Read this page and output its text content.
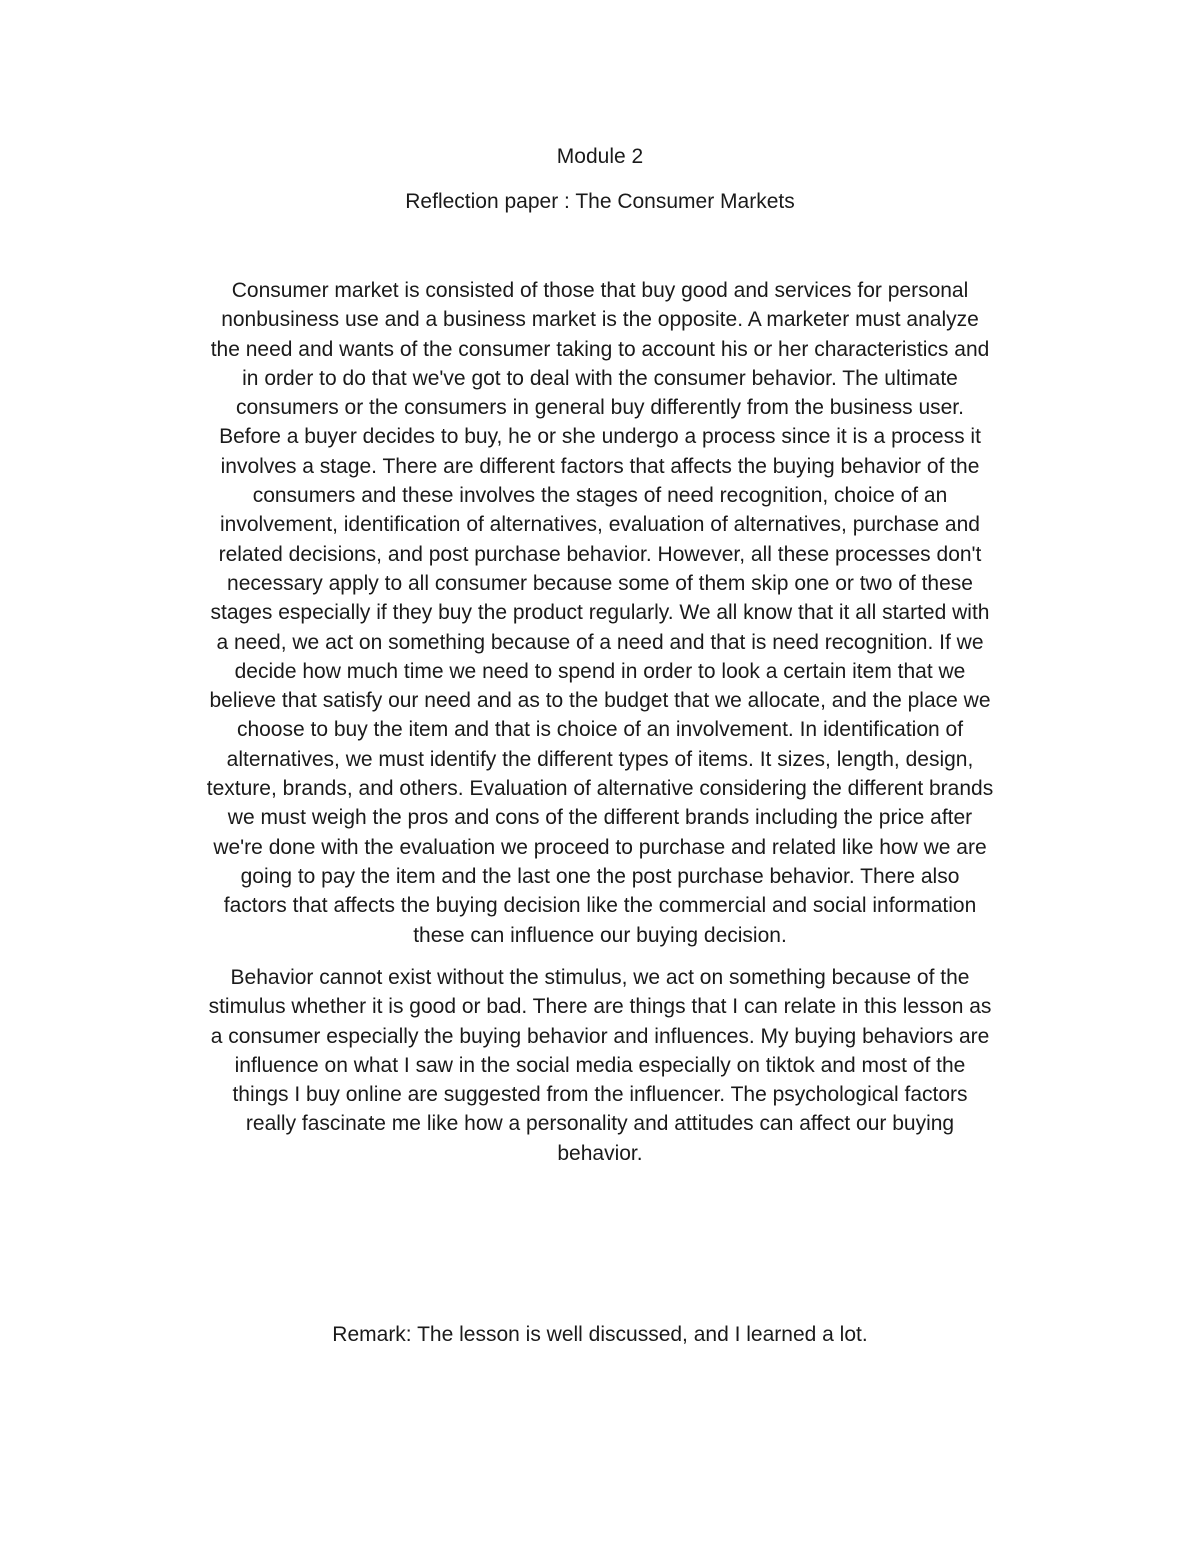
Module 2

Reflection paper : The Consumer Markets

Consumer market is consisted of those that buy good and services for personal
nonbusiness use and a business market is the opposite. A marketer must analyze
the need and wants of the consumer taking to account his or her characteristics and
in order to do that we've got to deal with the consumer behavior. The ultimate
consumers or the consumers in general buy differently from the business user.
Before a buyer decides to buy, he or she undergo a process since it is a process it
involves a stage. There are different factors that affects the buying behavior of the
consumers and these involves the stages of need recognition, choice of an
involvement, identification of alternatives, evaluation of alternatives, purchase and
related decisions, and post purchase behavior. However, all these processes don't
necessary apply to all consumer because some of them skip one or two of these
stages especially if they buy the product regularly. We all know that it all started with
a need, we act on something because of a need and that is need recognition. If we
decide how much time we need to spend in order to look a certain item that we
believe that satisfy our need and as to the budget that we allocate, and the place we
choose to buy the item and that is choice of an involvement. In identification of
alternatives, we must identify the different types of items. It sizes, length, design,
texture, brands, and others. Evaluation of alternative considering the different brands
we must weigh the pros and cons of the different brands including the price after
we're done with the evaluation we proceed to purchase and related like how we are
going to pay the item and the last one the post purchase behavior. There also
factors that affects the buying decision like the commercial and social information
these can influence our buying decision.
Behavior cannot exist without the stimulus, we act on something because of the
stimulus whether it is good or bad. There are things that I can relate in this lesson as
a consumer especially the buying behavior and influences. My buying behaviors are
influence on what I saw in the social media especially on tiktok and most of the
things I buy online are suggested from the influencer. The psychological factors
really fascinate me like how a personality and attitudes can affect our buying
behavior.

Remark: The lesson is well discussed, and I learned a lot.
